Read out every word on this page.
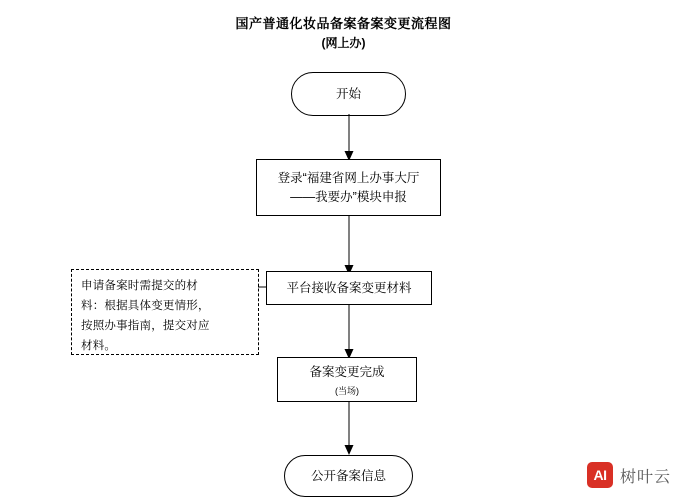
国产普通化妆品备案备案变更流程图
(网上办)
开始
登录“福建省网上办事大厅
——我要办”模块申报
平台接收备案变更材料
申请备案时需提交的材
料：根据具体变更情形，
按照办事指南，提交对应
材料。
备案变更完成
(当场)
公开备案信息	AI 树叶云
